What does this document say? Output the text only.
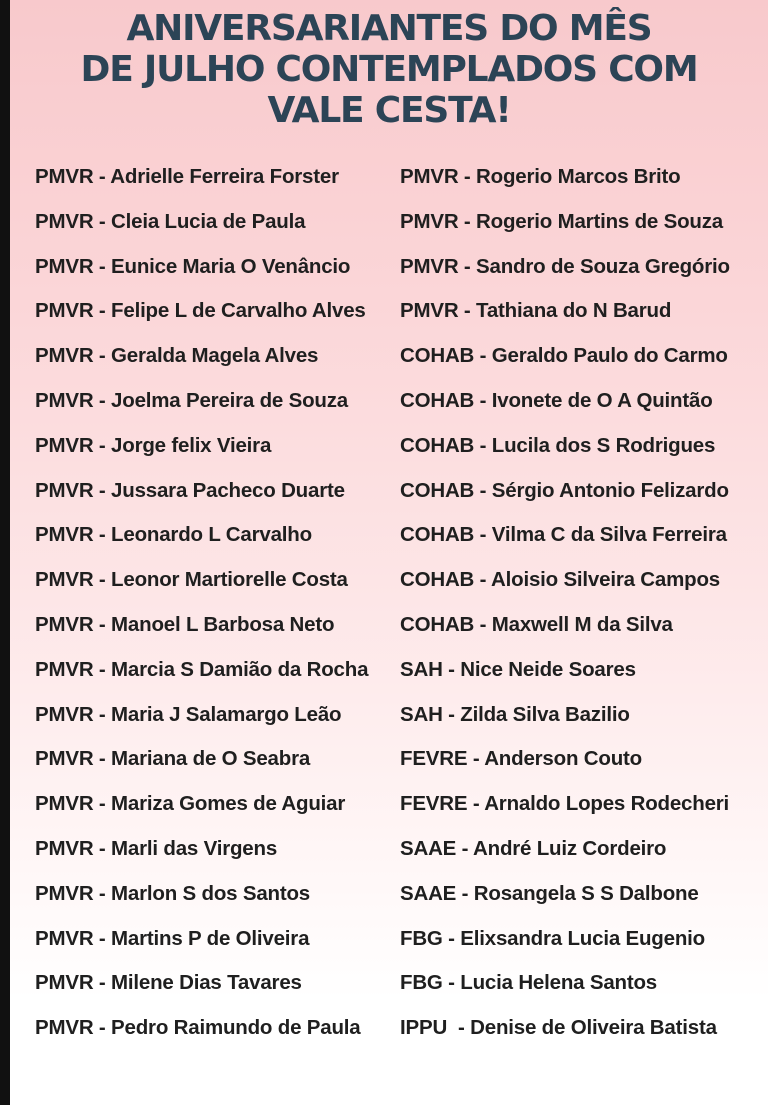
ANIVERSARIANTES DO MÊS
DE JULHO CONTEMPLADOS COM
VALE CESTA!
PMVR - Adrielle Ferreira Forster
PMVR - Cleia Lucia de Paula
PMVR - Eunice Maria O Venâncio
PMVR - Felipe L de Carvalho Alves
PMVR - Geralda Magela Alves
PMVR - Joelma Pereira de Souza
PMVR - Jorge felix Vieira
PMVR - Jussara Pacheco Duarte
PMVR - Leonardo L Carvalho
PMVR - Leonor Martiorelle Costa
PMVR - Manoel L Barbosa Neto
PMVR - Marcia S Damião da Rocha
PMVR - Maria J Salamargo Leão
PMVR - Mariana de O Seabra
PMVR - Mariza Gomes de Aguiar
PMVR - Marli das Virgens
PMVR - Marlon S dos Santos
PMVR - Martins P de Oliveira
PMVR - Milene Dias Tavares
PMVR - Pedro Raimundo de Paula
PMVR - Rogerio Marcos Brito
PMVR - Rogerio Martins de Souza
PMVR - Sandro de Souza Gregório
PMVR - Tathiana do N Barud
COHAB - Geraldo Paulo do Carmo
COHAB - Ivonete de O A Quintão
COHAB - Lucila dos S Rodrigues
COHAB - Sérgio Antonio Felizardo
COHAB - Vilma C da Silva Ferreira
COHAB - Aloisio Silveira Campos
COHAB - Maxwell M da Silva
SAH - Nice Neide Soares
SAH - Zilda Silva Bazilio
FEVRE - Anderson Couto
FEVRE - Arnaldo Lopes Rodecheri
SAAE - André Luiz Cordeiro
SAAE - Rosangela S S Dalbone
FBG - Elixsandra Lucia Eugenio
FBG - Lucia Helena Santos
IPPU  - Denise de Oliveira Batista
